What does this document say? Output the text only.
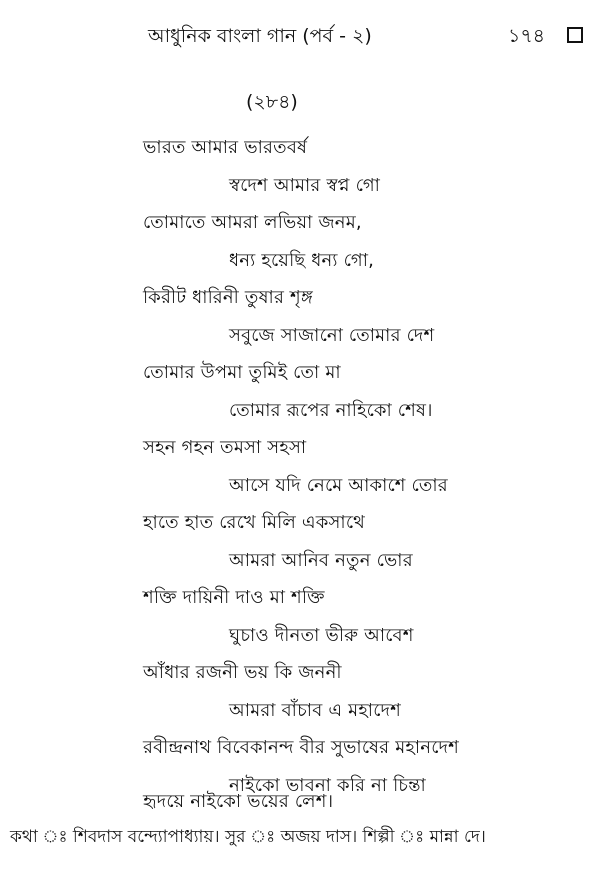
আধুনিক বাংলা গান (পর্ব - ২)	১৭৪
(২৮৪)
ভারত আমার ভারতবর্ষ
স্বদেশ আমার স্বপ্ন গো
তোমাতে আমরা লভিয়া জনম,
ধন্য হয়েছি ধন্য গো,
কিরীট ধারিনী তুষার শৃঙ্গ
সবুজে সাজানো তোমার দেশ
তোমার উপমা তুমিই তো মা
তোমার রূপের নাহিকো শেষ।
সহন গহন তমসা সহসা
আসে যদি নেমে আকাশে তোর
হাতে হাত রেখে মিলি একসাথে
আমরা আনিব নতুন ভোর
শক্তি দায়িনী দাও মা শক্তি
ঘুচাও দীনতা ভীরু আবেশ
আঁধার রজনী ভয় কি জননী
আমরা বাঁচাব এ মহাদেশ
রবীন্দ্রনাথ বিবেকানন্দ বীর সুভাষের মহানদেশ
নাইকো ভাবনা করি না চিন্তা
হৃদয়ে নাইকো ভয়ের লেশ।
কথা ঃ শিবদাস বন্দ্যোপাধ্যায়। সুর ঃ অজয় দাস। শিল্পী ঃ মান্না দে।
